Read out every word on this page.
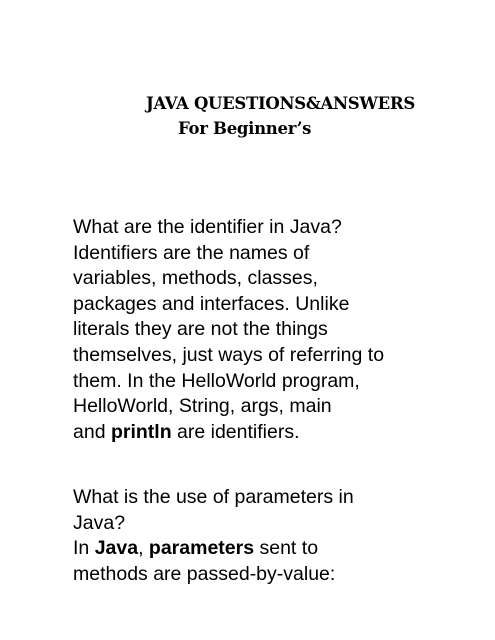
JAVA QUESTIONS&ANSWERS
For Beginner’s
What are the identifier in Java?
Identifiers are the names of
variables, methods, classes,
packages and interfaces. Unlike
literals they are not the things
themselves, just ways of referring to
them. In the HelloWorld program,
HelloWorld, String, args, main
and println are identifiers.
What is the use of parameters in
Java?
In Java, parameters sent to
methods are passed-by-value:
